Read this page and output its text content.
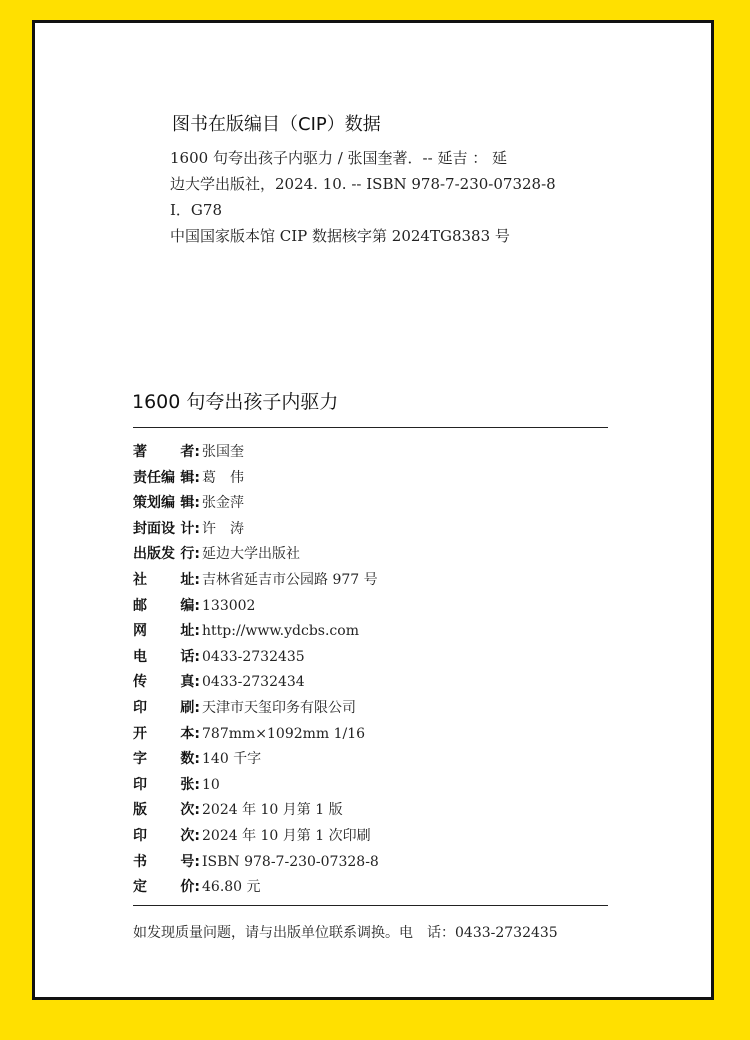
图书在版编目（CIP）数据
1600 句夸出孩子内驱力 / 张国奎著．-- 延吉 ： 延
边大学出版社，2024. 10. -- ISBN 978-7-230-07328-8
Ⅰ．G78
中国国家版本馆 CIP 数据核字第 2024TG8383 号
1600 句夸出孩子内驱力
著 者 : 张国奎
责任编 辑 : 葛　伟
策划编 辑 : 张金萍
封面设 计 : 许　涛
出版发 行 : 延边大学出版社
社 址 : 吉林省延吉市公园路 977 号
邮 编 : 133002
网 址 : http://www.ydcbs.com
电 话 : 0433-2732435
传 真 : 0433-2732434
印 刷 : 天津市天玺印务有限公司
开 本 : 787mm×1092mm 1/16
字 数 : 140 千字
印 张 : 10
版 次 : 2024 年 10 月第 1 版
印 次 : 2024 年 10 月第 1 次印刷
书 号 : ISBN 978-7-230-07328-8
定 价 : 46.80 元
如发现质量问题，请与出版单位联系调换。电　话：0433-2732435
